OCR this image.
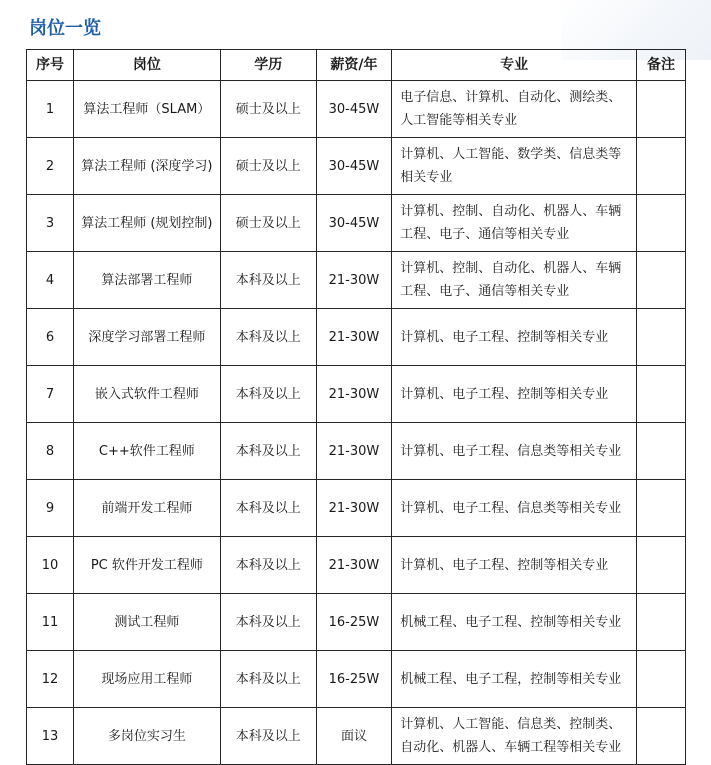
岗位一览
序号	岗位	学历	薪资/年	专业	备注
1	算法工程师（SLAM）	硕士及以上	30-45W	电子信息、计算机、自动化、测绘类、人工智能等相关专业	
2	算法工程师 (深度学习)	硕士及以上	30-45W	计算机、人工智能、数学类、信息类等相关专业	
3	算法工程师 (规划控制)	硕士及以上	30-45W	计算机、控制、自动化、机器人、车辆工程、电子、通信等相关专业	
4	算法部署工程师	本科及以上	21-30W	计算机、控制、自动化、机器人、车辆工程、电子、通信等相关专业	
6	深度学习部署工程师	本科及以上	21-30W	计算机、电子工程、控制等相关专业	
7	嵌入式软件工程师	本科及以上	21-30W	计算机、电子工程、控制等相关专业	
8	C++软件工程师	本科及以上	21-30W	计算机、电子工程、信息类等相关专业	
9	前端开发工程师	本科及以上	21-30W	计算机、电子工程、信息类等相关专业	
10	PC 软件开发工程师	本科及以上	21-30W	计算机、电子工程、控制等相关专业	
11	测试工程师	本科及以上	16-25W	机械工程、电子工程、控制等相关专业	
12	现场应用工程师	本科及以上	16-25W	机械工程、电子工程，控制等相关专业	
13	多岗位实习生	本科及以上	面议	计算机、人工智能、信息类、控制类、自动化、机器人、车辆工程等相关专业	
